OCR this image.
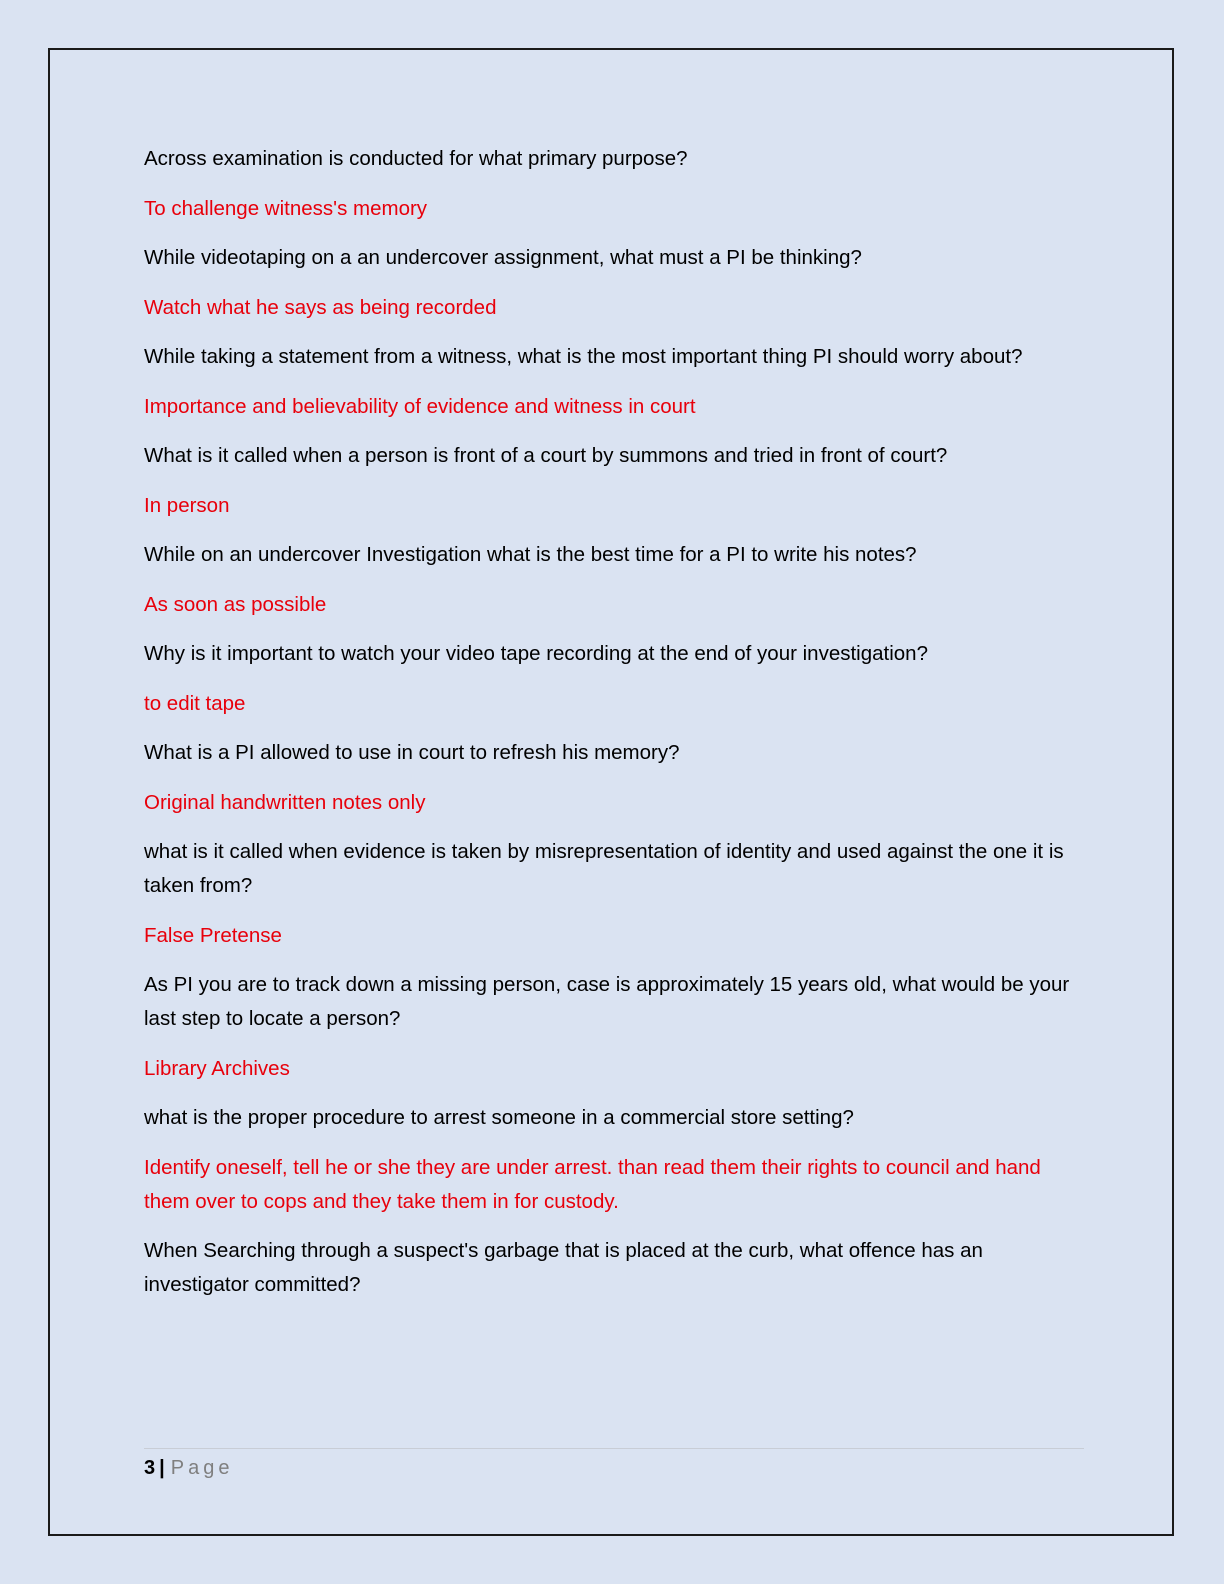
Across examination is conducted for what primary purpose?

To challenge witness's memory

While videotaping on a an undercover assignment, what must a PI be thinking?

Watch what he says as being recorded

While taking a statement from a witness, what is the most important thing PI should worry about?

Importance and believability of evidence and witness in court

What is it called when a person is front of a court by summons and tried in front of court?

In person

While on an undercover Investigation what is the best time for a PI to write his notes?

As soon as possible

Why is it important to watch your video tape recording at the end of your investigation?

to edit tape

What is a PI allowed to use in court to refresh his memory?

Original handwritten notes only

what is it called when evidence is taken by misrepresentation of identity and used against the one it is taken from?

False Pretense

As PI you are to track down a missing person, case is approximately 15 years old, what would be your last step to locate a person?

Library Archives

what is the proper procedure to arrest someone in a commercial store setting?

Identify oneself, tell he or she they are under arrest. than read them their rights to council and hand them over to cops and they take them in for custody.

When Searching through a suspect's garbage that is placed at the curb, what offence has an investigator committed?

3 | Page
